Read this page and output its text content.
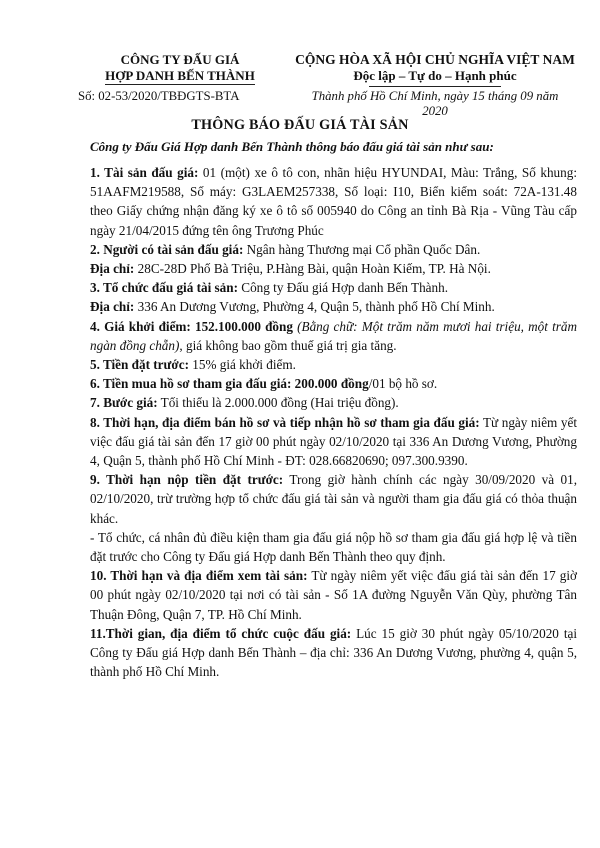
CÔNG TY ĐẤU GIÁ
HỢP DANH BẾN THÀNH
Số: 02-53/2020/TBĐGTS-BTA
CỘNG HÒA XÃ HỘI CHỦ NGHĨA VIỆT NAM
Độc lập – Tự do – Hạnh phúc
Thành phố Hồ Chí Minh, ngày 15 tháng 09 năm 2020
THÔNG BÁO ĐẤU GIÁ TÀI SẢN
Công ty Đấu Giá Hợp danh Bến Thành thông báo đấu giá tài sản như sau:

1. Tài sản đấu giá: 01 (một) xe ô tô con, nhãn hiệu HYUNDAI, Màu: Trắng, Số khung: 51AAFM219588, Số máy: G3LAEM257338, Số loại: I10, Biển kiểm soát: 72A-131.48 theo Giấy chứng nhận đăng ký xe ô tô số 005940 do Công an tỉnh Bà Rịa - Vũng Tàu cấp ngày 21/04/2015 đứng tên ông Trương Phúc

2. Người có tài sản đấu giá: Ngân hàng Thương mại Cổ phần Quốc Dân.

Địa chỉ: 28C-28D Phố Bà Triệu, P.Hàng Bài, quận Hoàn Kiếm, TP. Hà Nội.

3. Tổ chức đấu giá tài sản: Công ty Đấu giá Hợp danh Bến Thành.

Địa chỉ: 336 An Dương Vương, Phường 4, Quận 5, thành phố Hồ Chí Minh.

4. Giá khởi điểm: 152.100.000 đồng (Bằng chữ: Một trăm năm mươi hai triệu, một trăm ngàn đồng chẵn), giá không bao gồm thuế giá trị gia tăng.

5. Tiền đặt trước: 15% giá khởi điểm.

6. Tiền mua hồ sơ tham gia đấu giá: 200.000 đồng/01 bộ hồ sơ.

7. Bước giá: Tối thiểu là 2.000.000 đồng (Hai triệu đồng).

8. Thời hạn, địa điểm bán hồ sơ và tiếp nhận hồ sơ tham gia đấu giá: Từ ngày niêm yết việc đấu giá tài sản đến 17 giờ 00 phút ngày 02/10/2020 tại 336 An Dương Vương, Phường 4, Quận 5, thành phố Hồ Chí Minh - ĐT: 028.66820690; 097.300.9390.

9. Thời hạn nộp tiền đặt trước: Trong giờ hành chính các ngày 30/09/2020 và 01, 02/10/2020, trừ trường hợp tổ chức đấu giá tài sản và người tham gia đấu giá có thỏa thuận khác.

- Tổ chức, cá nhân đủ điều kiện tham gia đấu giá nộp hồ sơ tham gia đấu giá hợp lệ và tiền đặt trước cho Công ty Đấu giá Hợp danh Bến Thành theo quy định.

10. Thời hạn và địa điểm xem tài sản: Từ ngày niêm yết việc đấu giá tài sản đến 17 giờ 00 phút ngày 02/10/2020 tại nơi có tài sản - Số 1A đường Nguyễn Văn Qùy, phường Tân Thuận Đông, Quận 7, TP. Hồ Chí Minh.

11.Thời gian, địa điểm tổ chức cuộc đấu giá: Lúc 15 giờ 30 phút ngày 05/10/2020 tại Công ty Đấu giá Hợp danh Bến Thành – địa chỉ: 336 An Dương Vương, phường 4, quận 5, thành phố Hồ Chí Minh.
